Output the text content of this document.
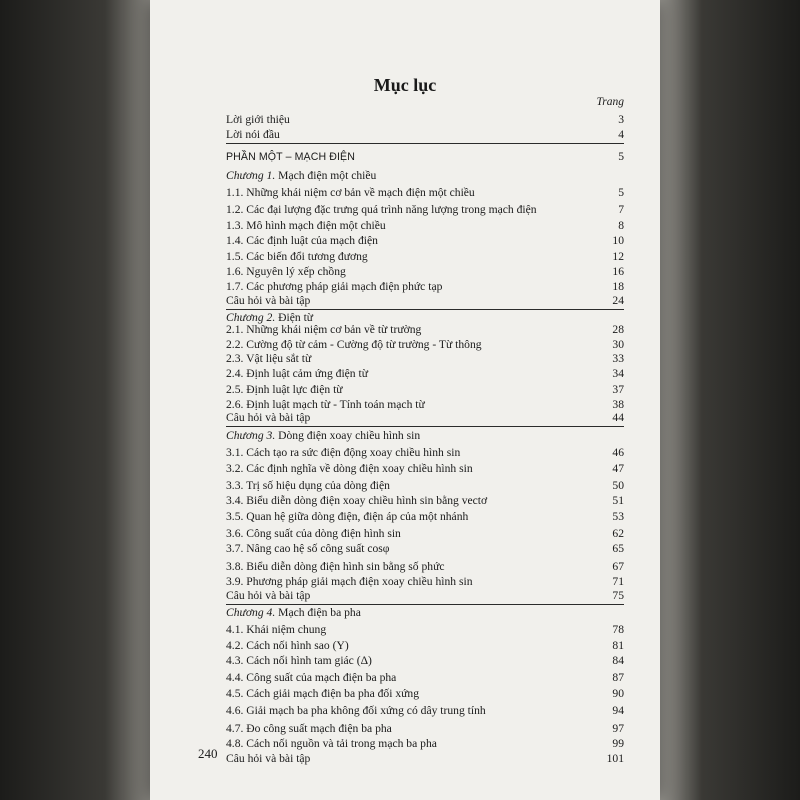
Mục lục
Trang
Lời giới thiệu	3
Lời nói đầu	4
PHẦN MỘT – MẠCH ĐIỆN	5
Chương 1. Mạch điện một chiều
1.1. Những khái niệm cơ bản về mạch điện một chiều	5
1.2. Các đại lượng đặc trưng quá trình năng lượng trong mạch điện	7
1.3. Mô hình mạch điện một chiều	8
1.4. Các định luật của mạch điện	10
1.5. Các biến đổi tương đương	12
1.6. Nguyên lý xếp chồng	16
1.7. Các phương pháp giải mạch điện phức tạp	18
Câu hỏi và bài tập	24
Chương 2. Điện từ
2.1. Những khái niệm cơ bản về từ trường	28
2.2. Cường độ từ cảm - Cường độ từ trường - Từ thông	30
2.3. Vật liệu sắt từ	33
2.4. Định luật cảm ứng điện từ	34
2.5. Định luật lực điện từ	37
2.6. Định luật mạch từ - Tính toán mạch từ	38
Câu hỏi và bài tập	44
Chương 3. Dòng điện xoay chiều hình sin
3.1. Cách tạo ra sức điện động xoay chiều hình sin	46
3.2. Các định nghĩa về dòng điện xoay chiều hình sin	47
3.3. Trị số hiệu dụng của dòng điện	50
3.4. Biểu diễn dòng điện xoay chiều hình sin bằng vectơ	51
3.5. Quan hệ giữa dòng điện, điện áp của một nhánh	53
3.6. Công suất của dòng điện hình sin	62
3.7. Nâng cao hệ số công suất cosφ	65
3.8. Biểu diễn dòng điện hình sin bằng số phức	67
3.9. Phương pháp giải mạch điện xoay chiều hình sin	71
Câu hỏi và bài tập	75
Chương 4. Mạch điện ba pha
4.1. Khái niệm chung	78
4.2. Cách nối hình sao (Y)	81
4.3. Cách nối hình tam giác (Δ)	84
4.4. Công suất của mạch điện ba pha	87
4.5. Cách giải mạch điện ba pha đối xứng	90
4.6. Giải mạch ba pha không đối xứng có dây trung tính	94
4.7. Đo công suất mạch điện ba pha	97
4.8. Cách nối nguồn và tải trong mạch ba pha	99
Câu hỏi và bài tập	101
240
